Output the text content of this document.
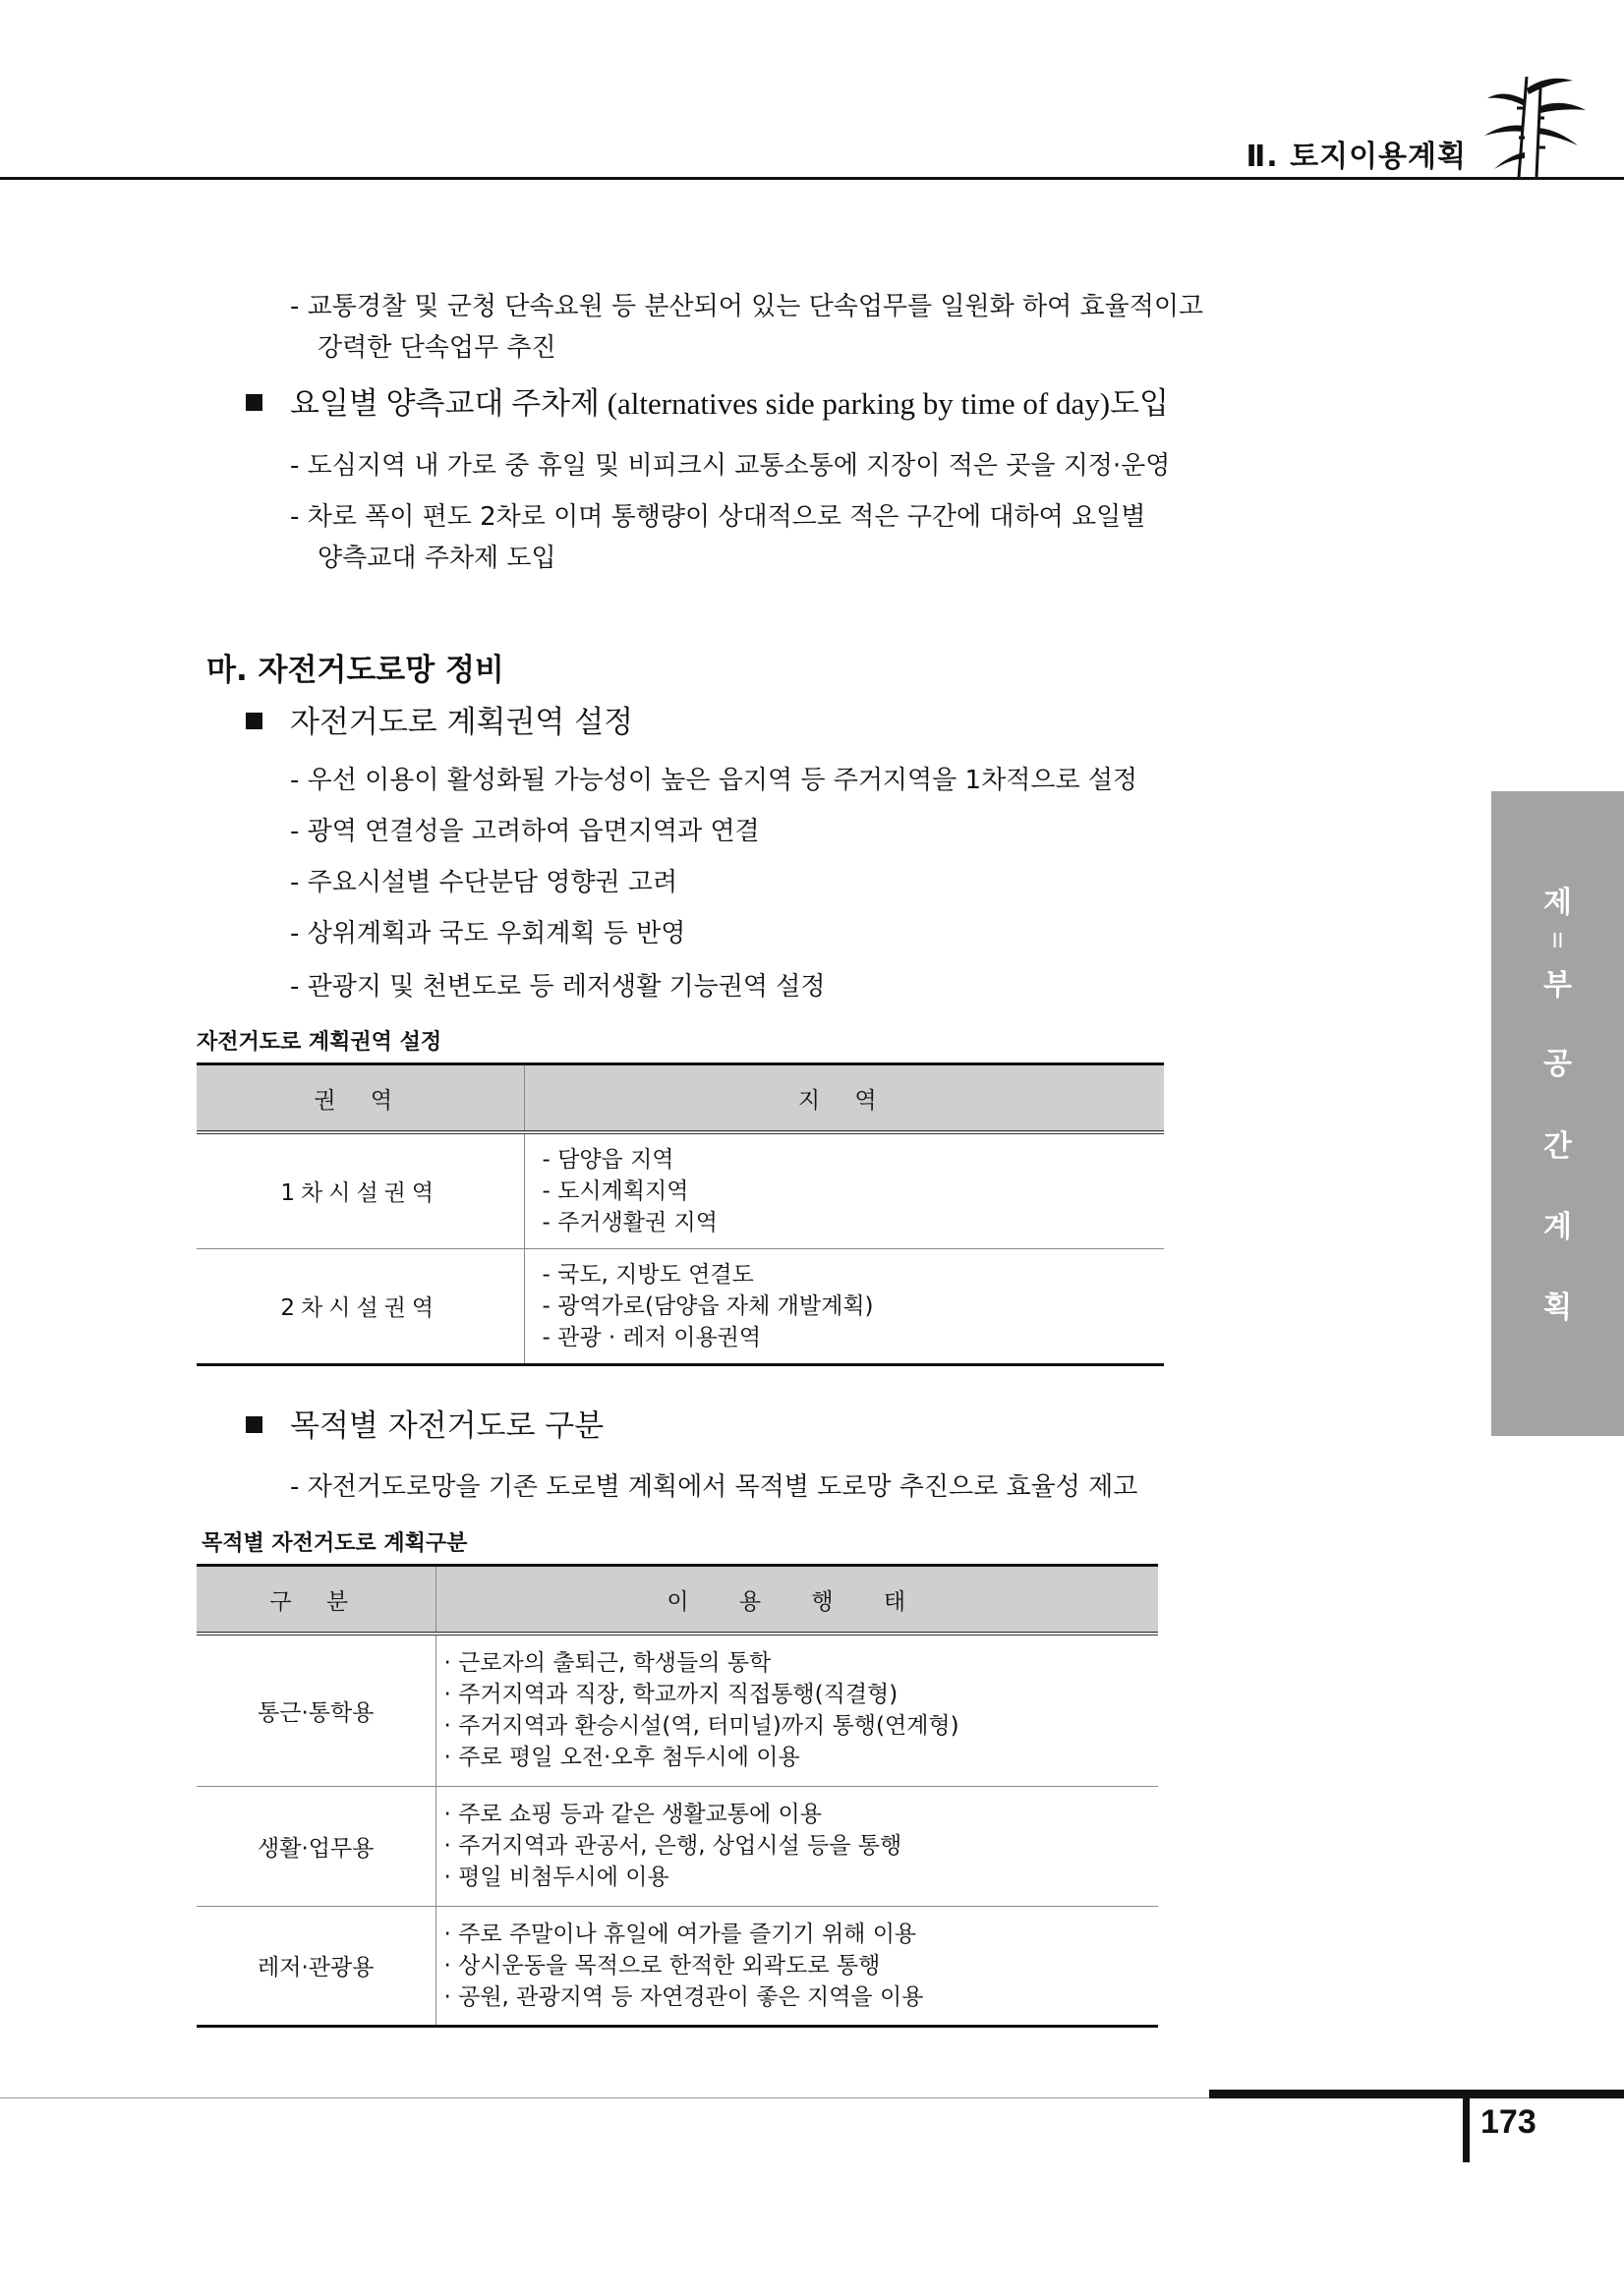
Ⅱ. 토지이용계획
- 교통경찰 및 군청 단속요원 등 분산되어 있는 단속업무를 일원화 하여 효율적이고
강력한 단속업무 추진
요일별 양측교대 주차제 (alternatives side parking by time of day)도입
- 도심지역 내 가로 중 휴일 및 비피크시 교통소통에 지장이 적은 곳을 지정·운영
- 차로 폭이 편도 2차로 이며 통행량이 상대적으로 적은 구간에 대하여 요일별
양측교대 주차제 도입
마. 자전거도로망 정비
자전거도로 계획권역 설정
- 우선 이용이 활성화될 가능성이 높은 읍지역 등 주거지역을 1차적으로 설정
- 광역 연결성을 고려하여 읍면지역과 연결
- 주요시설별 수단분담 영향권 고려
- 상위계획과 국도 우회계획 등 반영
- 관광지 및 천변도로 등 레저생활 기능권역 설정
자전거도로 계획권역 설정
권 역	지 역
1차시설권역	- 담양읍 지역
- 도시계획지역
- 주거생활권 지역

2차시설권역	- 국도, 지방도 연결도
- 광역가로(담양읍 자체 개발계획)
- 관광 · 레저 이용권역
목적별 자전거도로 구분
- 자전거도로망을 기존 도로별 계획에서 목적별 도로망 추진으로 효율성 제고
목적별 자전거도로 계획구분
구 분	이 용 행 태
통근·통학용	· 근로자의 출퇴근, 학생들의 통학
· 주거지역과 직장, 학교까지 직접통행(직결형)
· 주거지역과 환승시설(역, 터미널)까지 통행(연계형)
· 주로 평일 오전·오후 첨두시에 이용

생활·업무용	· 주로 쇼핑 등과 같은 생활교통에 이용
· 주거지역과 관공서, 은행, 상업시설 등을 통행
· 평일 비첨두시에 이용

레저·관광용	· 주로 주말이나 휴일에 여가를 즐기기 위해 이용
· 상시운동을 목적으로 한적한 외곽도로 통행
· 공원, 관광지역 등 자연경관이 좋은 지역을 이용
제
II
부
공
간
계
획
173
